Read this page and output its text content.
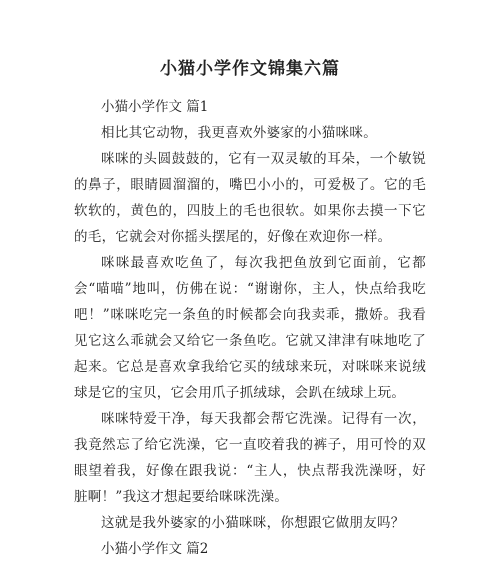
小猫小学作文锦集六篇

小猫小学作文 篇1

相比其它动物，我更喜欢外婆家的小猫咪咪。

咪咪的头圆鼓鼓的，它有一双灵敏的耳朵，一个敏锐的鼻子，眼睛圆溜溜的，嘴巴小小的，可爱极了。它的毛软软的，黄色的，四肢上的毛也很软。如果你去摸一下它的毛，它就会对你摇头摆尾的，好像在欢迎你一样。

咪咪最喜欢吃鱼了，每次我把鱼放到它面前，它都会“喵喵”地叫，仿佛在说：“谢谢你，主人，快点给我吃吧！”咪咪吃完一条鱼的时候都会向我卖乖，撒娇。我看见它这么乖就会又给它一条鱼吃。它就又津津有味地吃了起来。它总是喜欢拿我给它买的绒球来玩，对咪咪来说绒球是它的宝贝，它会用爪子抓绒球，会趴在绒球上玩。

咪咪特爱干净，每天我都会帮它洗澡。记得有一次，我竟然忘了给它洗澡，它一直咬着我的裤子，用可怜的双眼望着我，好像在跟我说：“主人，快点帮我洗澡呀，好脏啊！”我这才想起要给咪咪洗澡。

这就是我外婆家的小猫咪咪，你想跟它做朋友吗？

小猫小学作文 篇2
